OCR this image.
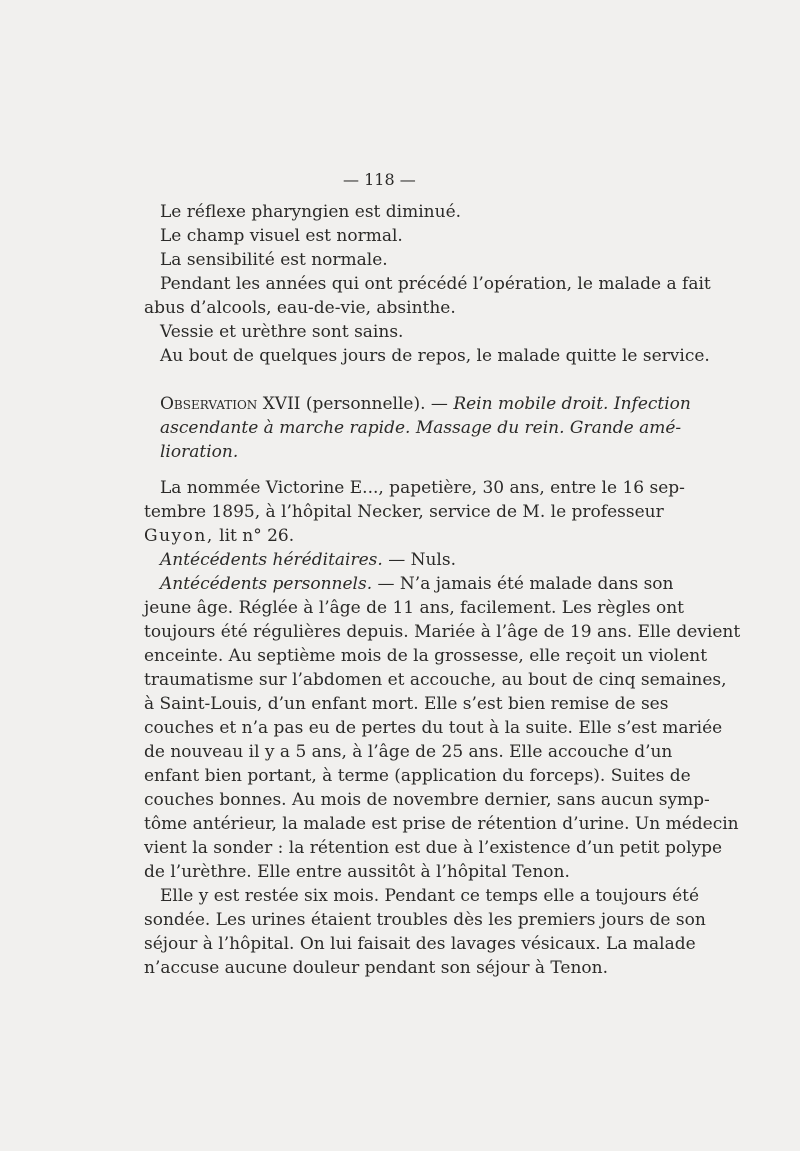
— 118 —
Le réflexe pharyngien est diminué.
Le champ visuel est normal.
La sensibilité est normale.
Pendant les années qui ont précédé l’opération, le malade a fait
abus d’alcools, eau-de-vie, absinthe.
Vessie et urèthre sont sains.
Au bout de quelques jours de repos, le malade quitte le service.
Observation XVII (personnelle). — Rein mobile droit. Infection
ascendante à marche rapide. Massage du rein. Grande amé-
lioration.
La nommée Victorine E..., papetière, 30 ans, entre le 16 sep-
tembre 1895, à l’hôpital Necker, service de M. le professeur
Guyon, lit n° 26.
Antécédents héréditaires. — Nuls.
Antécédents personnels. — N’a jamais été malade dans son
jeune âge. Réglée à l’âge de 11 ans, facilement. Les règles ont
toujours été régulières depuis. Mariée à l’âge de 19 ans. Elle devient
enceinte. Au septième mois de la grossesse, elle reçoit un violent
traumatisme sur l’abdomen et accouche, au bout de cinq semaines,
à Saint-Louis, d’un enfant mort. Elle s’est bien remise de ses
couches et n’a pas eu de pertes du tout à la suite. Elle s’est mariée
de nouveau il y a 5 ans, à l’âge de 25 ans. Elle accouche d’un
enfant bien portant, à terme (application du forceps). Suites de
couches bonnes. Au mois de novembre dernier, sans aucun symp-
tôme antérieur, la malade est prise de rétention d’urine. Un médecin
vient la sonder : la rétention est due à l’existence d’un petit polype
de l’urèthre. Elle entre aussitôt à l’hôpital Tenon.
Elle y est restée six mois. Pendant ce temps elle a toujours été
sondée. Les urines étaient troubles dès les premiers jours de son
séjour à l’hôpital. On lui faisait des lavages vésicaux. La malade
n’accuse aucune douleur pendant son séjour à Tenon.
